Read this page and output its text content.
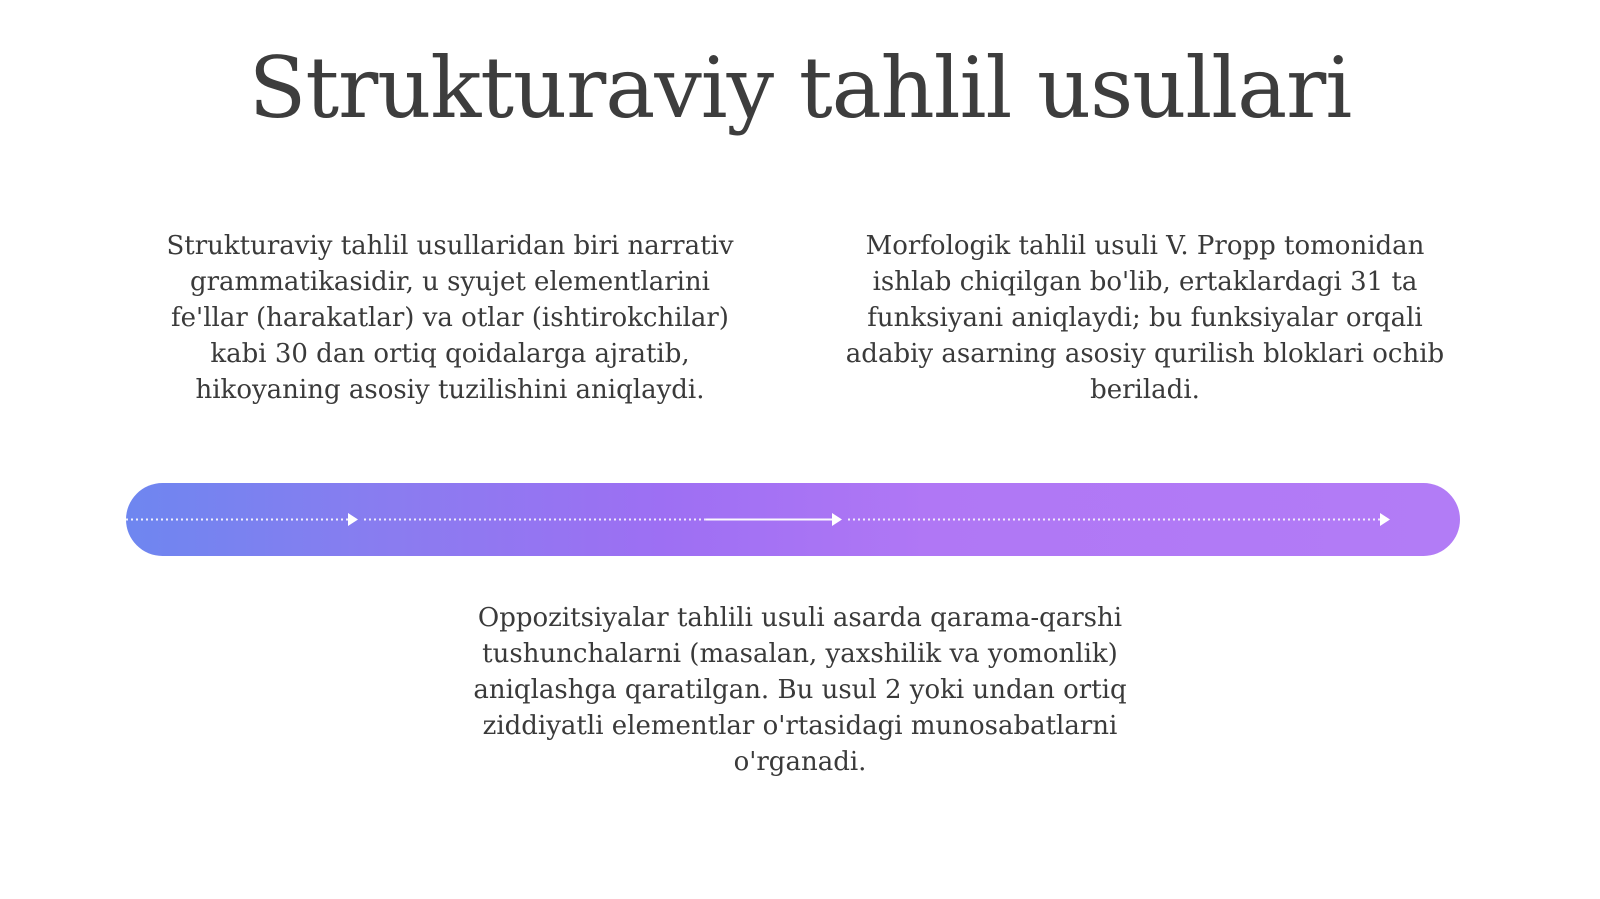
Strukturaviy tahlil usullari

Strukturaviy tahlil usullaridan biri narrativ grammatikasidir, u syujet elementlarini fe'llar (harakatlar) va otlar (ishtirokchilar) kabi 30 dan ortiq qoidalarga ajratib, hikoyaning asosiy tuzilishini aniqlaydi.

Morfologik tahlil usuli V. Propp tomonidan ishlab chiqilgan bo'lib, ertaklardagi 31 ta funksiyani aniqlaydi; bu funksiyalar orqali adabiy asarning asosiy qurilish bloklari ochib beriladi.

Oppozitsiyalar tahlili usuli asarda qarama-qarshi tushunchalarni (masalan, yaxshilik va yomonlik) aniqlashga qaratilgan. Bu usul 2 yoki undan ortiq ziddiyatli elementlar o'rtasidagi munosabatlarni o'rganadi.
